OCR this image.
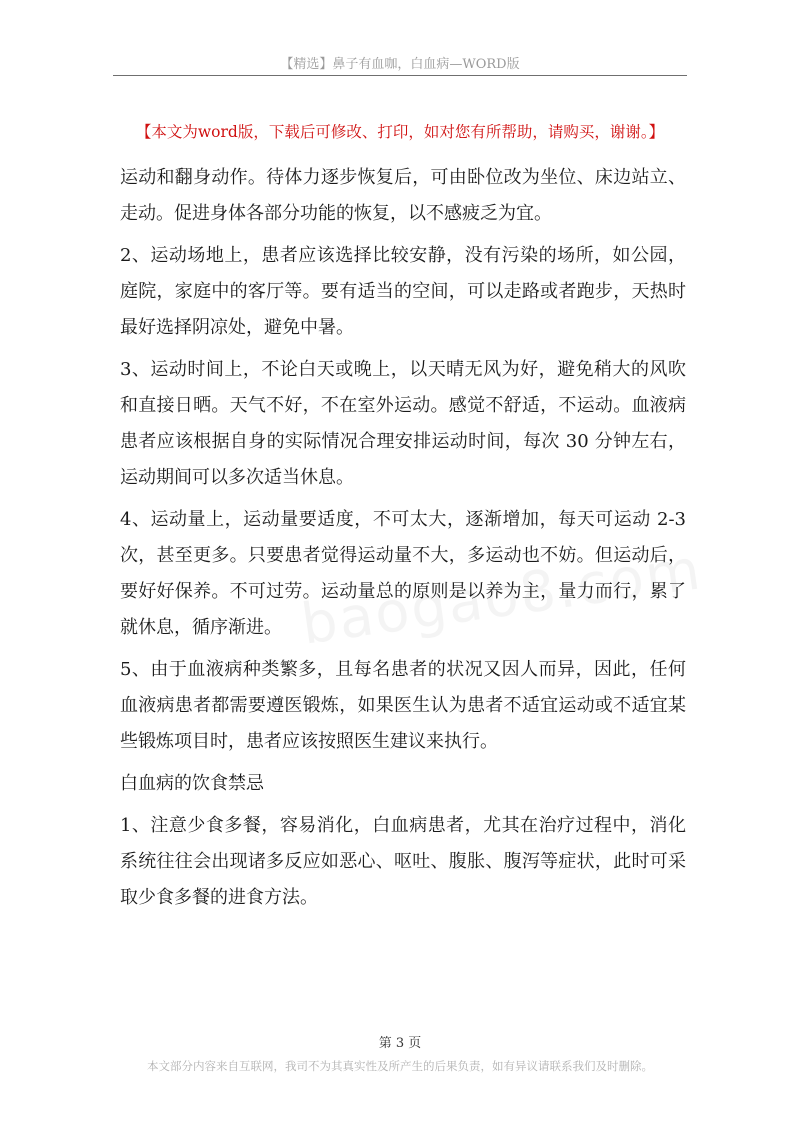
【精选】鼻子有血咖，白血病—WORD版
【本文为word版，下载后可修改、打印，如对您有所帮助，请购买，谢谢。】

运动和翻身动作。待体力逐步恢复后，可由卧位改为坐位、床边站立、走动。促进身体各部分功能的恢复，以不感疲乏为宜。

2、运动场地上，患者应该选择比较安静，没有污染的场所，如公园，庭院，家庭中的客厅等。要有适当的空间，可以走路或者跑步，天热时最好选择阴凉处，避免中暑。

3、运动时间上，不论白天或晚上，以天晴无风为好，避免稍大的风吹和直接日晒。天气不好，不在室外运动。感觉不舒适，不运动。血液病患者应该根据自身的实际情况合理安排运动时间，每次 30 分钟左右，运动期间可以多次适当休息。

4、运动量上，运动量要适度，不可太大，逐渐增加，每天可运动 2-3 次，甚至更多。只要患者觉得运动量不大，多运动也不妨。但运动后，要好好保养。不可过劳。运动量总的原则是以养为主，量力而行，累了就休息，循序渐进。

5、由于血液病种类繁多，且每名患者的状况又因人而异，因此，任何血液病患者都需要遵医锻炼，如果医生认为患者不适宜运动或不适宜某些锻炼项目时，患者应该按照医生建议来执行。

白血病的饮食禁忌

1、注意少食多餐，容易消化，白血病患者，尤其在治疗过程中，消化系统往往会出现诸多反应如恶心、呕吐、腹胀、腹泻等症状，此时可采取少食多餐的进食方法。

第 3 页
本文部分内容来自互联网，我司不为其真实性及所产生的后果负责，如有异议请联系我们及时删除。
